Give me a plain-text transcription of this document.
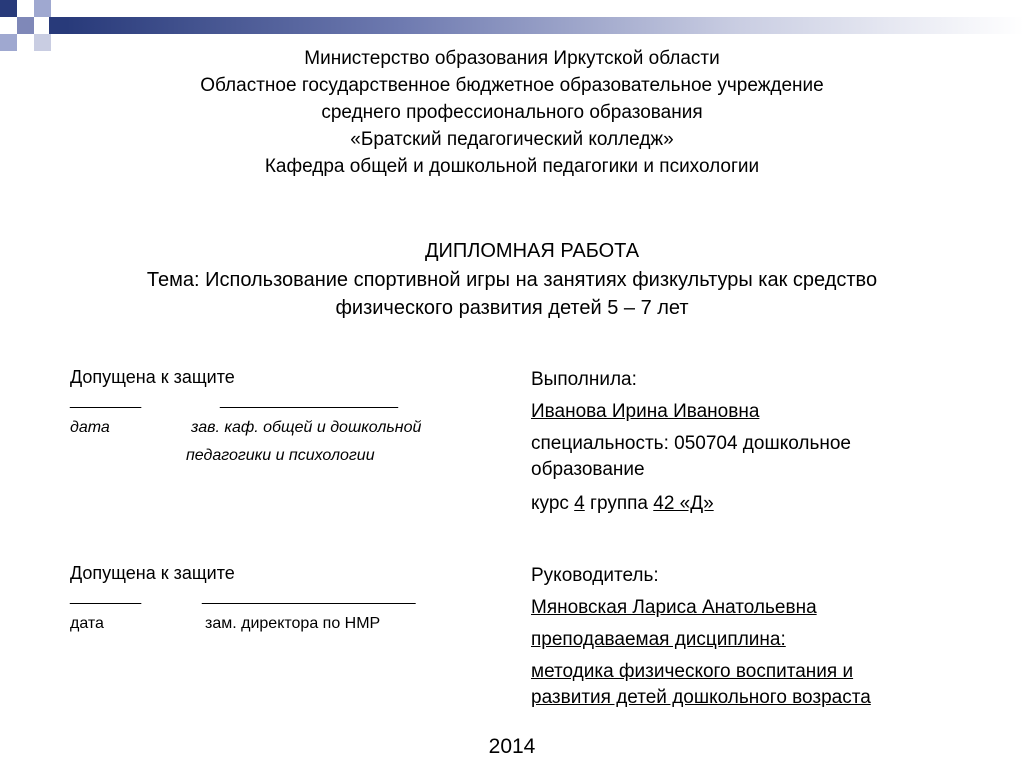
Министерство образования Иркутской области
Областное государственное бюджетное образовательное учреждение
среднего профессионального образования
«Братский педагогический колледж»
Кафедра общей и дошкольной педагогики и психологии
ДИПЛОМНАЯ РАБОТА
Тема: Использование спортивной игры на занятиях физкультуры как средство
физического развития детей 5 – 7 лет
Допущена к защите
________	____________________
дата	зав. каф. общей и дошкольной
педагогики и психологии
Допущена к защите
________	________________________
дата	зам. директора по НМР
Выполнила:
Иванова Ирина Ивановна
специальность: 050704 дошкольное
образование
курс 4 группа 42 «Д»
Руководитель:
Мяновская Лариса Анатольевна
преподаваемая дисциплина:
методика физического воспитания и
развития детей дошкольного возраста
2014
